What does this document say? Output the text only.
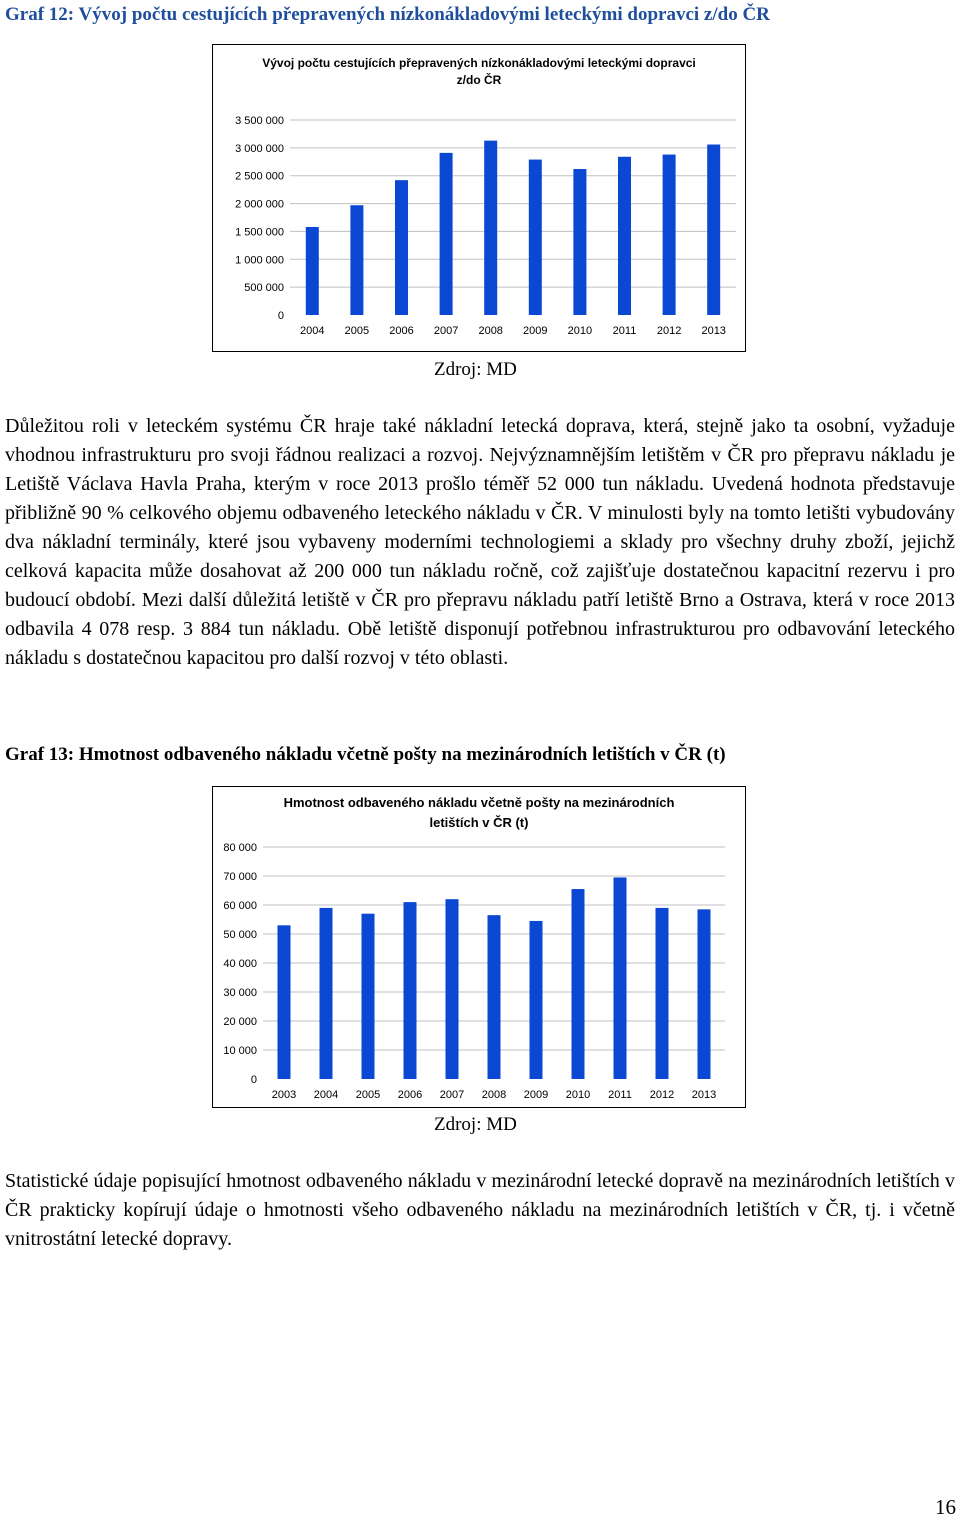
Graf 12: Vývoj počtu cestujících přepravených nízkonákladovými leteckými dopravci z/do ČR
Vývoj počtu cestujících přepravených nízkonákladovými leteckými dopravci z/do ČR
0
500 000
1 000 000
1 500 000
2 000 000
2 500 000
3 000 000
3 500 000
2004 2005 2006 2007 2008 2009 2010 2011 2012 2013
Zdroj: MD

Důležitou roli v leteckém systému ČR hraje také nákladní letecká doprava, která, stejně jako ta osobní, vyžaduje vhodnou infrastrukturu pro svoji řádnou realizaci a rozvoj. Nejvýznamnějším letištěm v ČR pro přepravu nákladu je Letiště Václava Havla Praha, kterým v roce 2013 prošlo téměř 52 000 tun nákladu. Uvedená hodnota představuje přibližně 90 % celkového objemu odbaveného leteckého nákladu v ČR. V minulosti byly na tomto letišti vybudovány dva nákladní terminály, které jsou vybaveny moderními technologiemi a sklady pro všechny druhy zboží, jejichž celková kapacita může dosahovat až 200 000 tun nákladu ročně, což zajišťuje dostatečnou kapacitní rezervu i pro budoucí období. Mezi další důležitá letiště v ČR pro přepravu nákladu patří letiště Brno a Ostrava, která v roce 2013 odbavila 4 078 resp. 3 884 tun nákladu. Obě letiště disponují potřebnou infrastrukturou pro odbavování leteckého nákladu s dostatečnou kapacitou pro další rozvoj v této oblasti.

Graf 13: Hmotnost odbaveného nákladu včetně pošty na mezinárodních letištích v ČR (t)
Hmotnost odbaveného nákladu včetně pošty na mezinárodních letištích v ČR (t)
0
10 000
20 000
30 000
40 000
50 000
60 000
70 000
80 000
2003 2004 2005 2006 2007 2008 2009 2010 2011 2012 2013
Zdroj: MD

Statistické údaje popisující hmotnost odbaveného nákladu v mezinárodní letecké dopravě na mezinárodních letištích v ČR prakticky kopírují údaje o hmotnosti všeho odbaveného nákladu na mezinárodních letištích v ČR, tj. i včetně vnitrostátní letecké dopravy.

16
